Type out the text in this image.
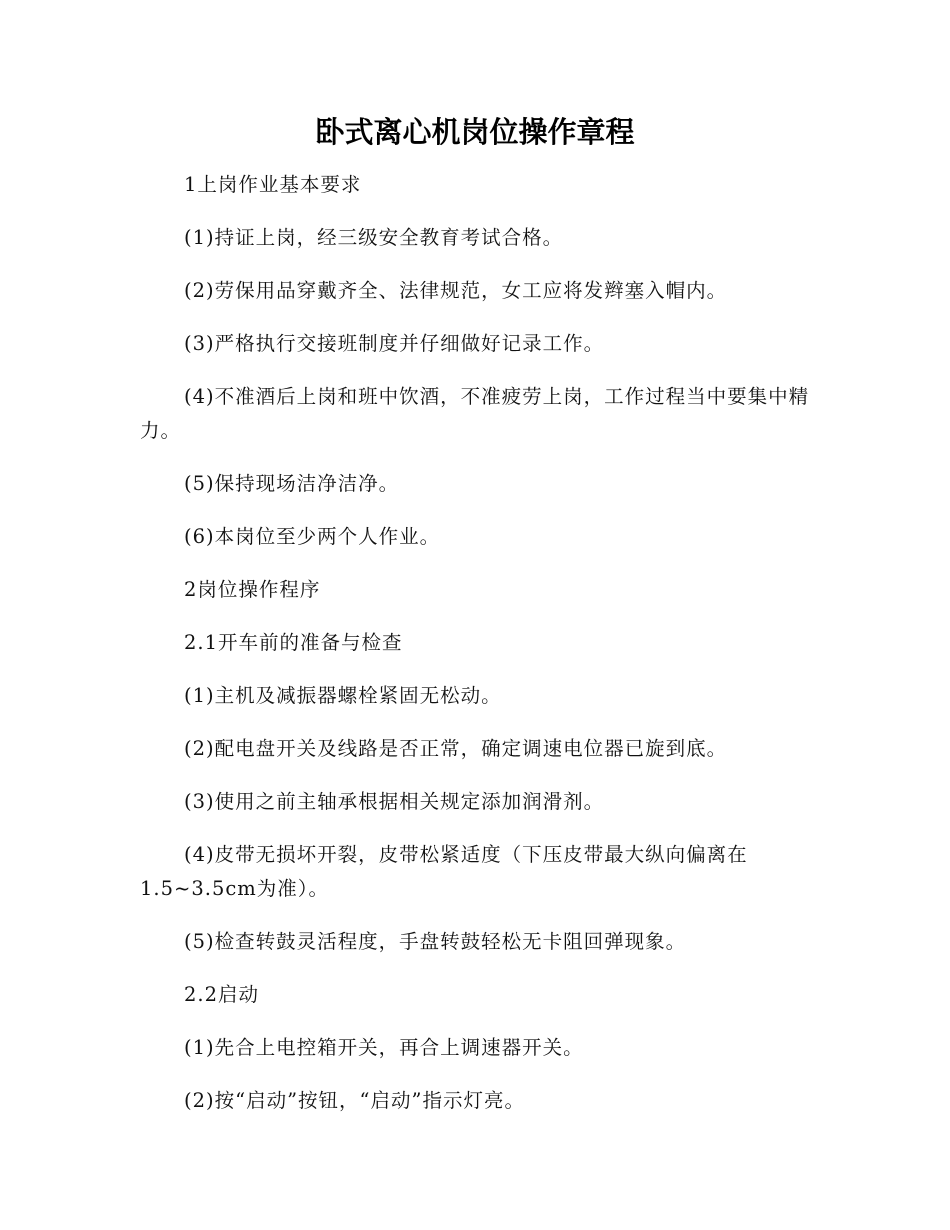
卧式离心机岗位操作章程

1上岗作业基本要求

(1)持证上岗，经三级安全教育考试合格。

(2)劳保用品穿戴齐全、法律规范，女工应将发辫塞入帽内。

(3)严格执行交接班制度并仔细做好记录工作。

(4)不准酒后上岗和班中饮酒，不准疲劳上岗，工作过程当中要集中精力。

(5)保持现场洁净洁净。

(6)本岗位至少两个人作业。

2岗位操作程序

2.1开车前的准备与检查

(1)主机及减振器螺栓紧固无松动。

(2)配电盘开关及线路是否正常，确定调速电位器已旋到底。

(3)使用之前主轴承根据相关规定添加润滑剂。

(4)皮带无损坏开裂，皮带松紧适度（下压皮带最大纵向偏离在1.5~3.5cm为准）。

(5)检查转鼓灵活程度，手盘转鼓轻松无卡阻回弹现象。

2.2启动

(1)先合上电控箱开关，再合上调速器开关。

(2)按“启动”按钮，“启动”指示灯亮。
